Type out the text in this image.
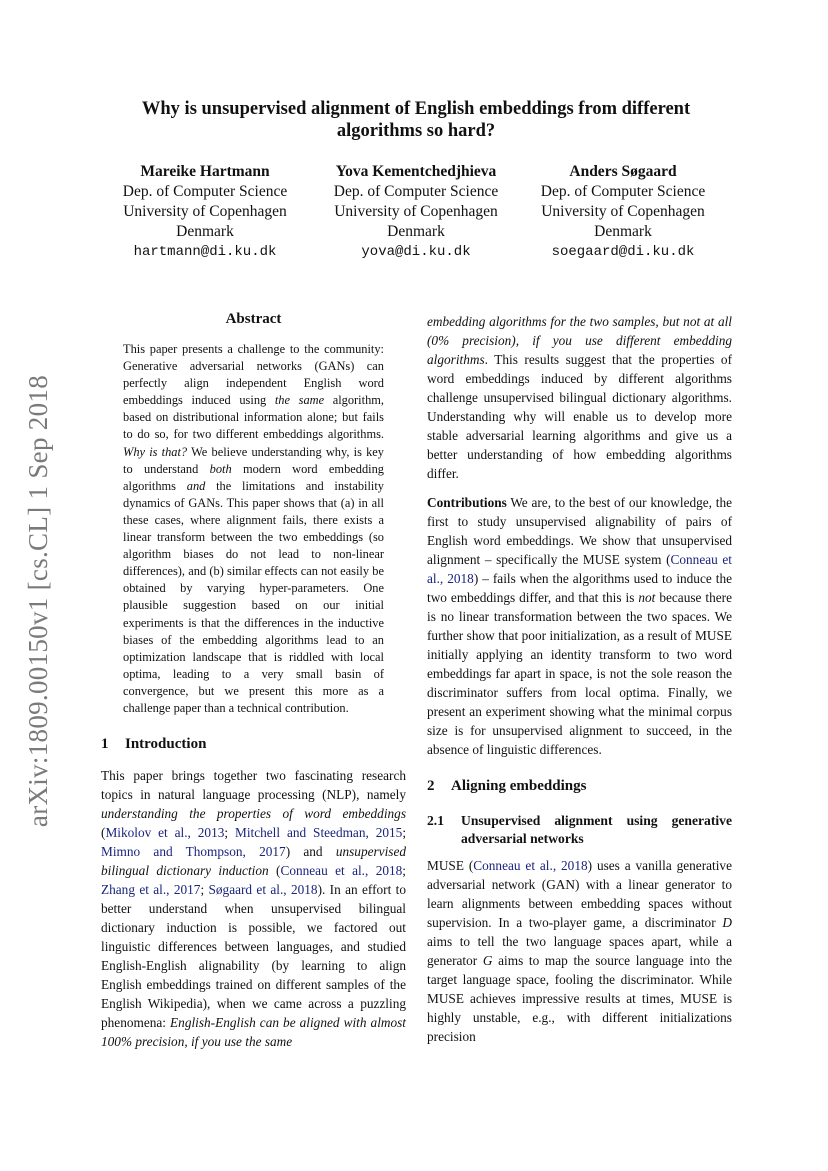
arXiv:1809.00150v1 [cs.CL] 1 Sep 2018
Why is unsupervised alignment of English embeddings from different
algorithms so hard?
Mareike Hartmann
Dep. of Computer Science
University of Copenhagen
Denmark
hartmann@di.ku.dk
Yova Kementchedjhieva
Dep. of Computer Science
University of Copenhagen
Denmark
yova@di.ku.dk
Anders Søgaard
Dep. of Computer Science
University of Copenhagen
Denmark
soegaard@di.ku.dk
Abstract

This paper presents a challenge to the community: Generative adversarial networks (GANs) can perfectly align independent English word embeddings induced using the same algorithm, based on distributional information alone; but fails to do so, for two different embeddings algorithms. Why is that? We believe understanding why, is key to understand both modern word embedding algorithms and the limitations and instability dynamics of GANs. This paper shows that (a) in all these cases, where alignment fails, there exists a linear transform between the two embeddings (so algorithm biases do not lead to non-linear differences), and (b) similar effects can not easily be obtained by varying hyper-parameters. One plausible suggestion based on our initial experiments is that the differences in the inductive biases of the embedding algorithms lead to an optimization landscape that is riddled with local optima, leading to a very small basin of convergence, but we present this more as a challenge paper than a technical contribution.

1 Introduction

This paper brings together two fascinating research topics in natural language processing (NLP), namely understanding the properties of word embeddings (Mikolov et al., 2013; Mitchell and Steedman, 2015; Mimno and Thompson, 2017) and unsupervised bilingual dictionary induction (Conneau et al., 2018; Zhang et al., 2017; Søgaard et al., 2018). In an effort to better understand when unsupervised bilingual dictionary induction is possible, we factored out linguistic differences between languages, and studied English-English alignability (by learning to align English embeddings trained on different samples of the English Wikipedia), when we came across a puzzling phenomena: English-English can be aligned with almost 100% precision, if you use the same

embedding algorithms for the two samples, but not at all (0% precision), if you use different embedding algorithms. This results suggest that the properties of word embeddings induced by different algorithms challenge unsupervised bilingual dictionary algorithms. Understanding why will enable us to develop more stable adversarial learning algorithms and give us a better understanding of how embedding algorithms differ.

Contributions We are, to the best of our knowledge, the first to study unsupervised alignability of pairs of English word embeddings. We show that unsupervised alignment – specifically the MUSE system (Conneau et al., 2018) – fails when the algorithms used to induce the two embeddings differ, and that this is not because there is no linear transformation between the two spaces. We further show that poor initialization, as a result of MUSE initially applying an identity transform to two word embeddings far apart in space, is not the sole reason the discriminator suffers from local optima. Finally, we present an experiment showing what the minimal corpus size is for unsupervised alignment to succeed, in the absence of linguistic differences.

2 Aligning embeddings
2.1	Unsupervised alignment using generative adversarial networks

MUSE (Conneau et al., 2018) uses a vanilla generative adversarial network (GAN) with a linear generator to learn alignments between embedding spaces without supervision. In a two-player game, a discriminator D aims to tell the two language spaces apart, while a generator G aims to map the source language into the target language space, fooling the discriminator. While MUSE achieves impressive results at times, MUSE is highly unstable, e.g., with different initializations precision
